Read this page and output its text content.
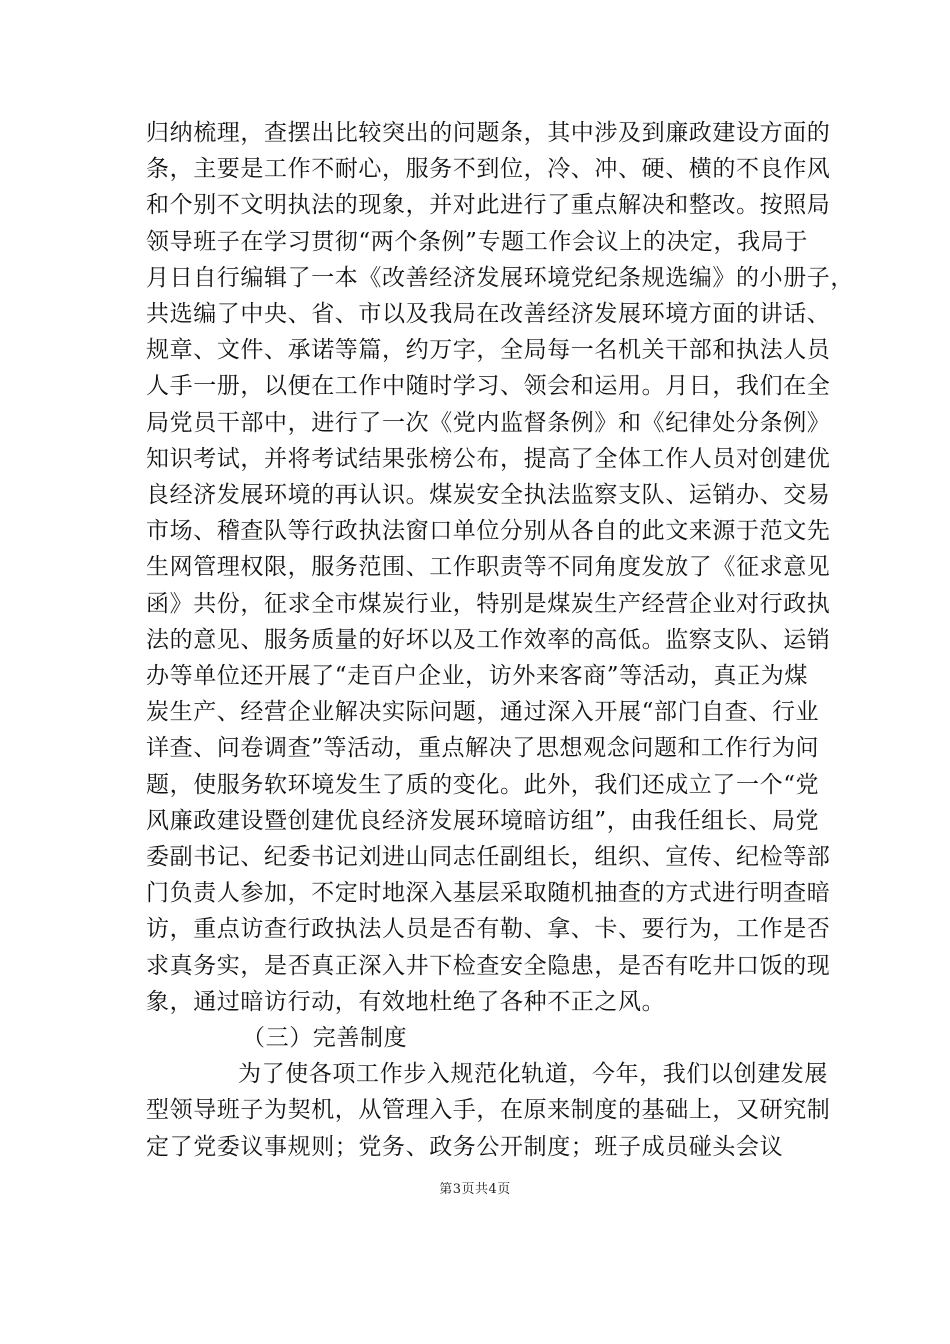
归纳梳理，查摆出比较突出的问题条，其中涉及到廉政建设方面的
条，主要是工作不耐心，服务不到位，冷、冲、硬、横的不良作风
和个别不文明执法的现象，并对此进行了重点解决和整改。按照局
领导班子在学习贯彻“两个条例”专题工作会议上的决定，我局于
月日自行编辑了一本《改善经济发展环境党纪条规选编》的小册子，
共选编了中央、省、市以及我局在改善经济发展环境方面的讲话、
规章、文件、承诺等篇，约万字，全局每一名机关干部和执法人员
人手一册，以便在工作中随时学习、领会和运用。月日，我们在全
局党员干部中，进行了一次《党内监督条例》和《纪律处分条例》
知识考试，并将考试结果张榜公布，提高了全体工作人员对创建优
良经济发展环境的再认识。煤炭安全执法监察支队、运销办、交易
市场、稽查队等行政执法窗口单位分别从各自的此文来源于范文先
生网管理权限，服务范围、工作职责等不同角度发放了《征求意见
函》共份，征求全市煤炭行业，特别是煤炭生产经营企业对行政执
法的意见、服务质量的好坏以及工作效率的高低。监察支队、运销
办等单位还开展了“走百户企业，访外来客商”等活动，真正为煤
炭生产、经营企业解决实际问题，通过深入开展“部门自查、行业
详查、问卷调查”等活动，重点解决了思想观念问题和工作行为问
题，使服务软环境发生了质的变化。此外，我们还成立了一个“党
风廉政建设暨创建优良经济发展环境暗访组”，由我任组长、局党
委副书记、纪委书记刘进山同志任副组长，组织、宣传、纪检等部
门负责人参加，不定时地深入基层采取随机抽查的方式进行明查暗
访，重点访查行政执法人员是否有勒、拿、卡、要行为，工作是否
求真务实，是否真正深入井下检查安全隐患，是否有吃井口饭的现
象，通过暗访行动，有效地杜绝了各种不正之风。
（三）完善制度
为了使各项工作步入规范化轨道，今年，我们以创建发展
型领导班子为契机，从管理入手，在原来制度的基础上，又研究制
定了党委议事规则；党务、政务公开制度；班子成员碰头会议
第3页共4页
